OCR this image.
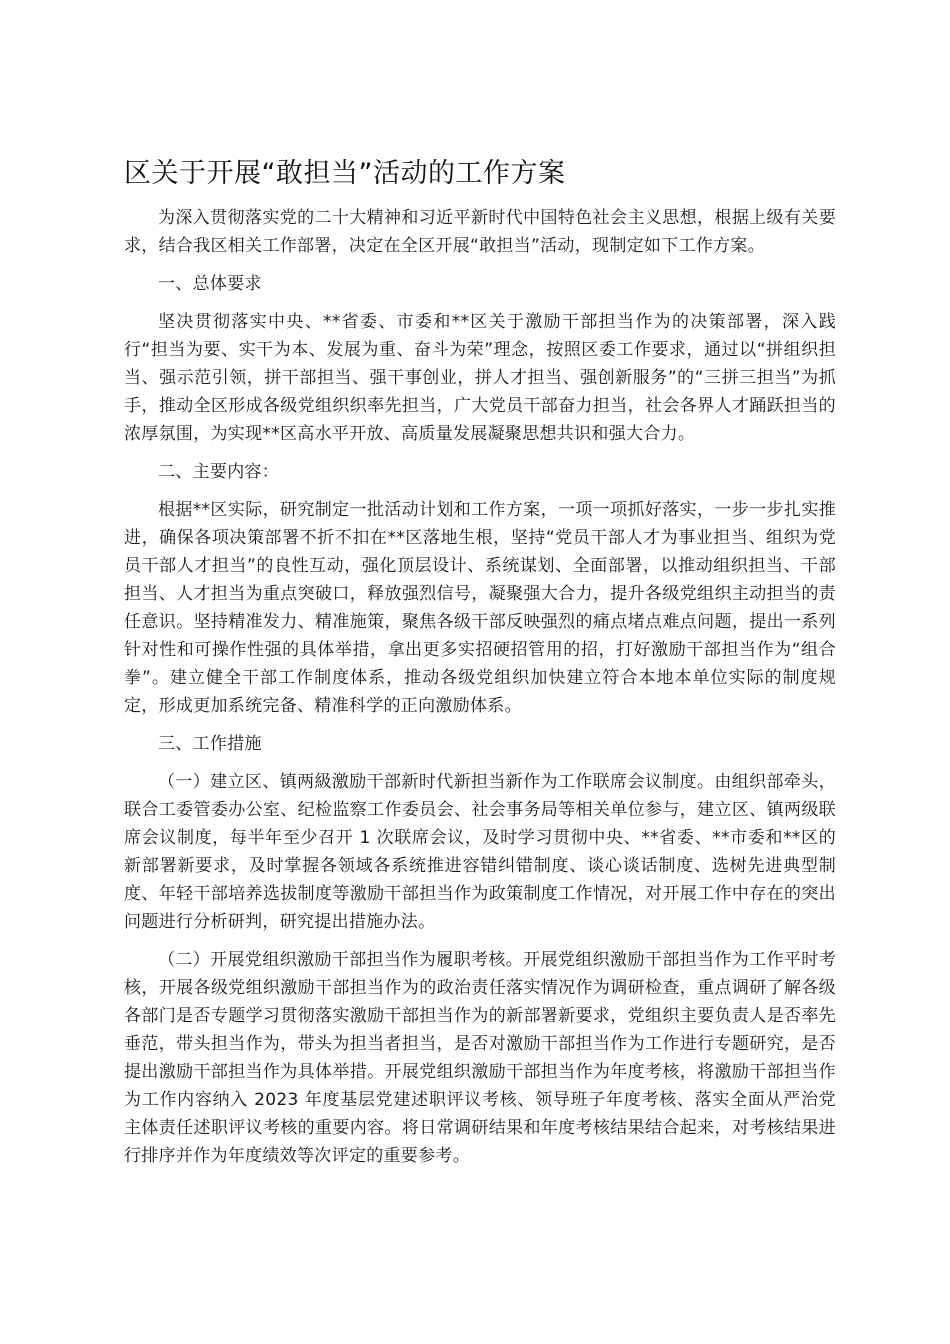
区关于开展“敢担当”活动的工作方案

为深入贯彻落实党的二十大精神和习近平新时代中国特色社会主义思想，根据上级有关要求，结合我区相关工作部署，决定在全区开展“敢担当”活动，现制定如下工作方案。

一、总体要求

坚决贯彻落实中央、**省委、市委和**区关于激励干部担当作为的决策部署，深入践行“担当为要、实干为本、发展为重、奋斗为荣”理念，按照区委工作要求，通过以“拼组织担当、强示范引领，拼干部担当、强干事创业，拼人才担当、强创新服务”的“三拼三担当”为抓手，推动全区形成各级党组织织率先担当，广大党员干部奋力担当，社会各界人才踊跃担当的浓厚氛围，为实现**区高水平开放、高质量发展凝聚思想共识和强大合力。

二、主要内容：

根据**区实际，研究制定一批活动计划和工作方案，一项一项抓好落实，一步一步扎实推进，确保各项决策部署不折不扣在**区落地生根，坚持“党员干部人才为事业担当、组织为党员干部人才担当”的良性互动，强化顶层设计、系统谋划、全面部署，以推动组织担当、干部担当、人才担当为重点突破口，释放强烈信号，凝聚强大合力，提升各级党组织主动担当的责任意识。坚持精准发力、精准施策，聚焦各级干部反映强烈的痛点堵点难点问题，提出一系列针对性和可操作性强的具体举措，拿出更多实招硬招管用的招，打好激励干部担当作为“组合拳”。建立健全干部工作制度体系，推动各级党组织加快建立符合本地本单位实际的制度规定，形成更加系统完备、精准科学的正向激励体系。

三、工作措施

（一）建立区、镇两級激励干部新时代新担当新作为工作联席会议制度。由组织部牵头，联合工委管委办公室、纪检监察工作委员会、社会事务局等相关单位参与，建立区、镇两级联席会议制度，每半年至少召开 1 次联席会议，及时学习贯彻中央、**省委、**市委和**区的新部署新要求，及时掌握各领域各系统推进容错纠错制度、谈心谈话制度、选树先进典型制度、年轻干部培养选拔制度等激励干部担当作为政策制度工作情况，对开展工作中存在的突出问题进行分析研判，研究提出措施办法。

（二）开展党组织激励干部担当作为履职考核。开展党组织激励干部担当作为工作平时考核，开展各级党组织激励干部担当作为的政治责任落实情况作为调研检查，重点调研了解各级各部门是否专题学习贯彻落实激励干部担当作为的新部署新要求，党组织主要负责人是否率先垂范，带头担当作为，带头为担当者担当，是否对激励干部担当作为工作进行专题研究，是否提出激励干部担当作为具体举措。开展党组织激励干部担当作为年度考核，将激励干部担当作为工作内容纳入 2023 年度基层党建述职评议考核、领导班子年度考核、落实全面从严治党主体责任述职评议考核的重要内容。将日常调研结果和年度考核结果结合起来，对考核结果进行排序并作为年度绩效等次评定的重要参考。
